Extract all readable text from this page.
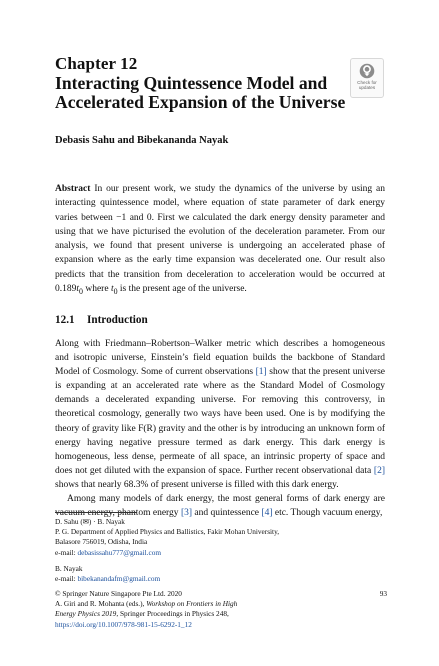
Chapter 12
Interacting Quintessence Model and
Accelerated Expansion of the Universe
Check for
updates
Debasis Sahu and Bibekananda Nayak
Abstract In our present work, we study the dynamics of the universe by using an interacting quintessence model, where equation of state parameter of dark energy varies between −1 and 0. First we calculated the dark energy density parameter and using that we have picturised the evolution of the deceleration parameter. From our analysis, we found that present universe is undergoing an accelerated phase of expansion where as the early time expansion was decelerated one. Our result also predicts that the transition from deceleration to acceleration would be occurred at $0.189t_0$ where $t_0$ is the present age of the universe.
12.1 Introduction

Along with Friedmann–Robertson–Walker metric which describes a homogeneous and isotropic universe, Einstein’s field equation builds the backbone of Standard Model of Cosmology. Some of current observations [1] show that the present universe is expanding at an accelerated rate where as the Standard Model of Cosmology demands a decelerated expanding universe. For removing this controversy, in theoretical cosmology, generally two ways have been used. One is by modifying the theory of gravity like F(R) gravity and the other is by introducing an unknown form of energy having negative pressure termed as dark energy. This dark energy is homogeneous, less dense, permeate of all space, an intrinsic property of space and does not get diluted with the expansion of space. Further recent observational data [2] shows that nearly 68.3% of present universe is filled with this dark energy.

Among many models of dark energy, the most general forms of dark energy are vacuum energy, phantom energy [3] and quintessence [4] etc. Though vacuum energy,

D. Sahu (✉) · B. Nayak
P. G. Department of Applied Physics and Ballistics, Fakir Mohan University,
Balasore 756019, Odisha, India
e-mail: debasissahu777@gmail.com
B. Nayak
e-mail: bibekanandafm@gmail.com
© Springer Nature Singapore Pte Ltd. 2020
A. Giri and R. Mohanta (eds.), Workshop on Frontiers in High
Energy Physics 2019, Springer Proceedings in Physics 248,
https://doi.org/10.1007/978-981-15-6292-1_12
93
